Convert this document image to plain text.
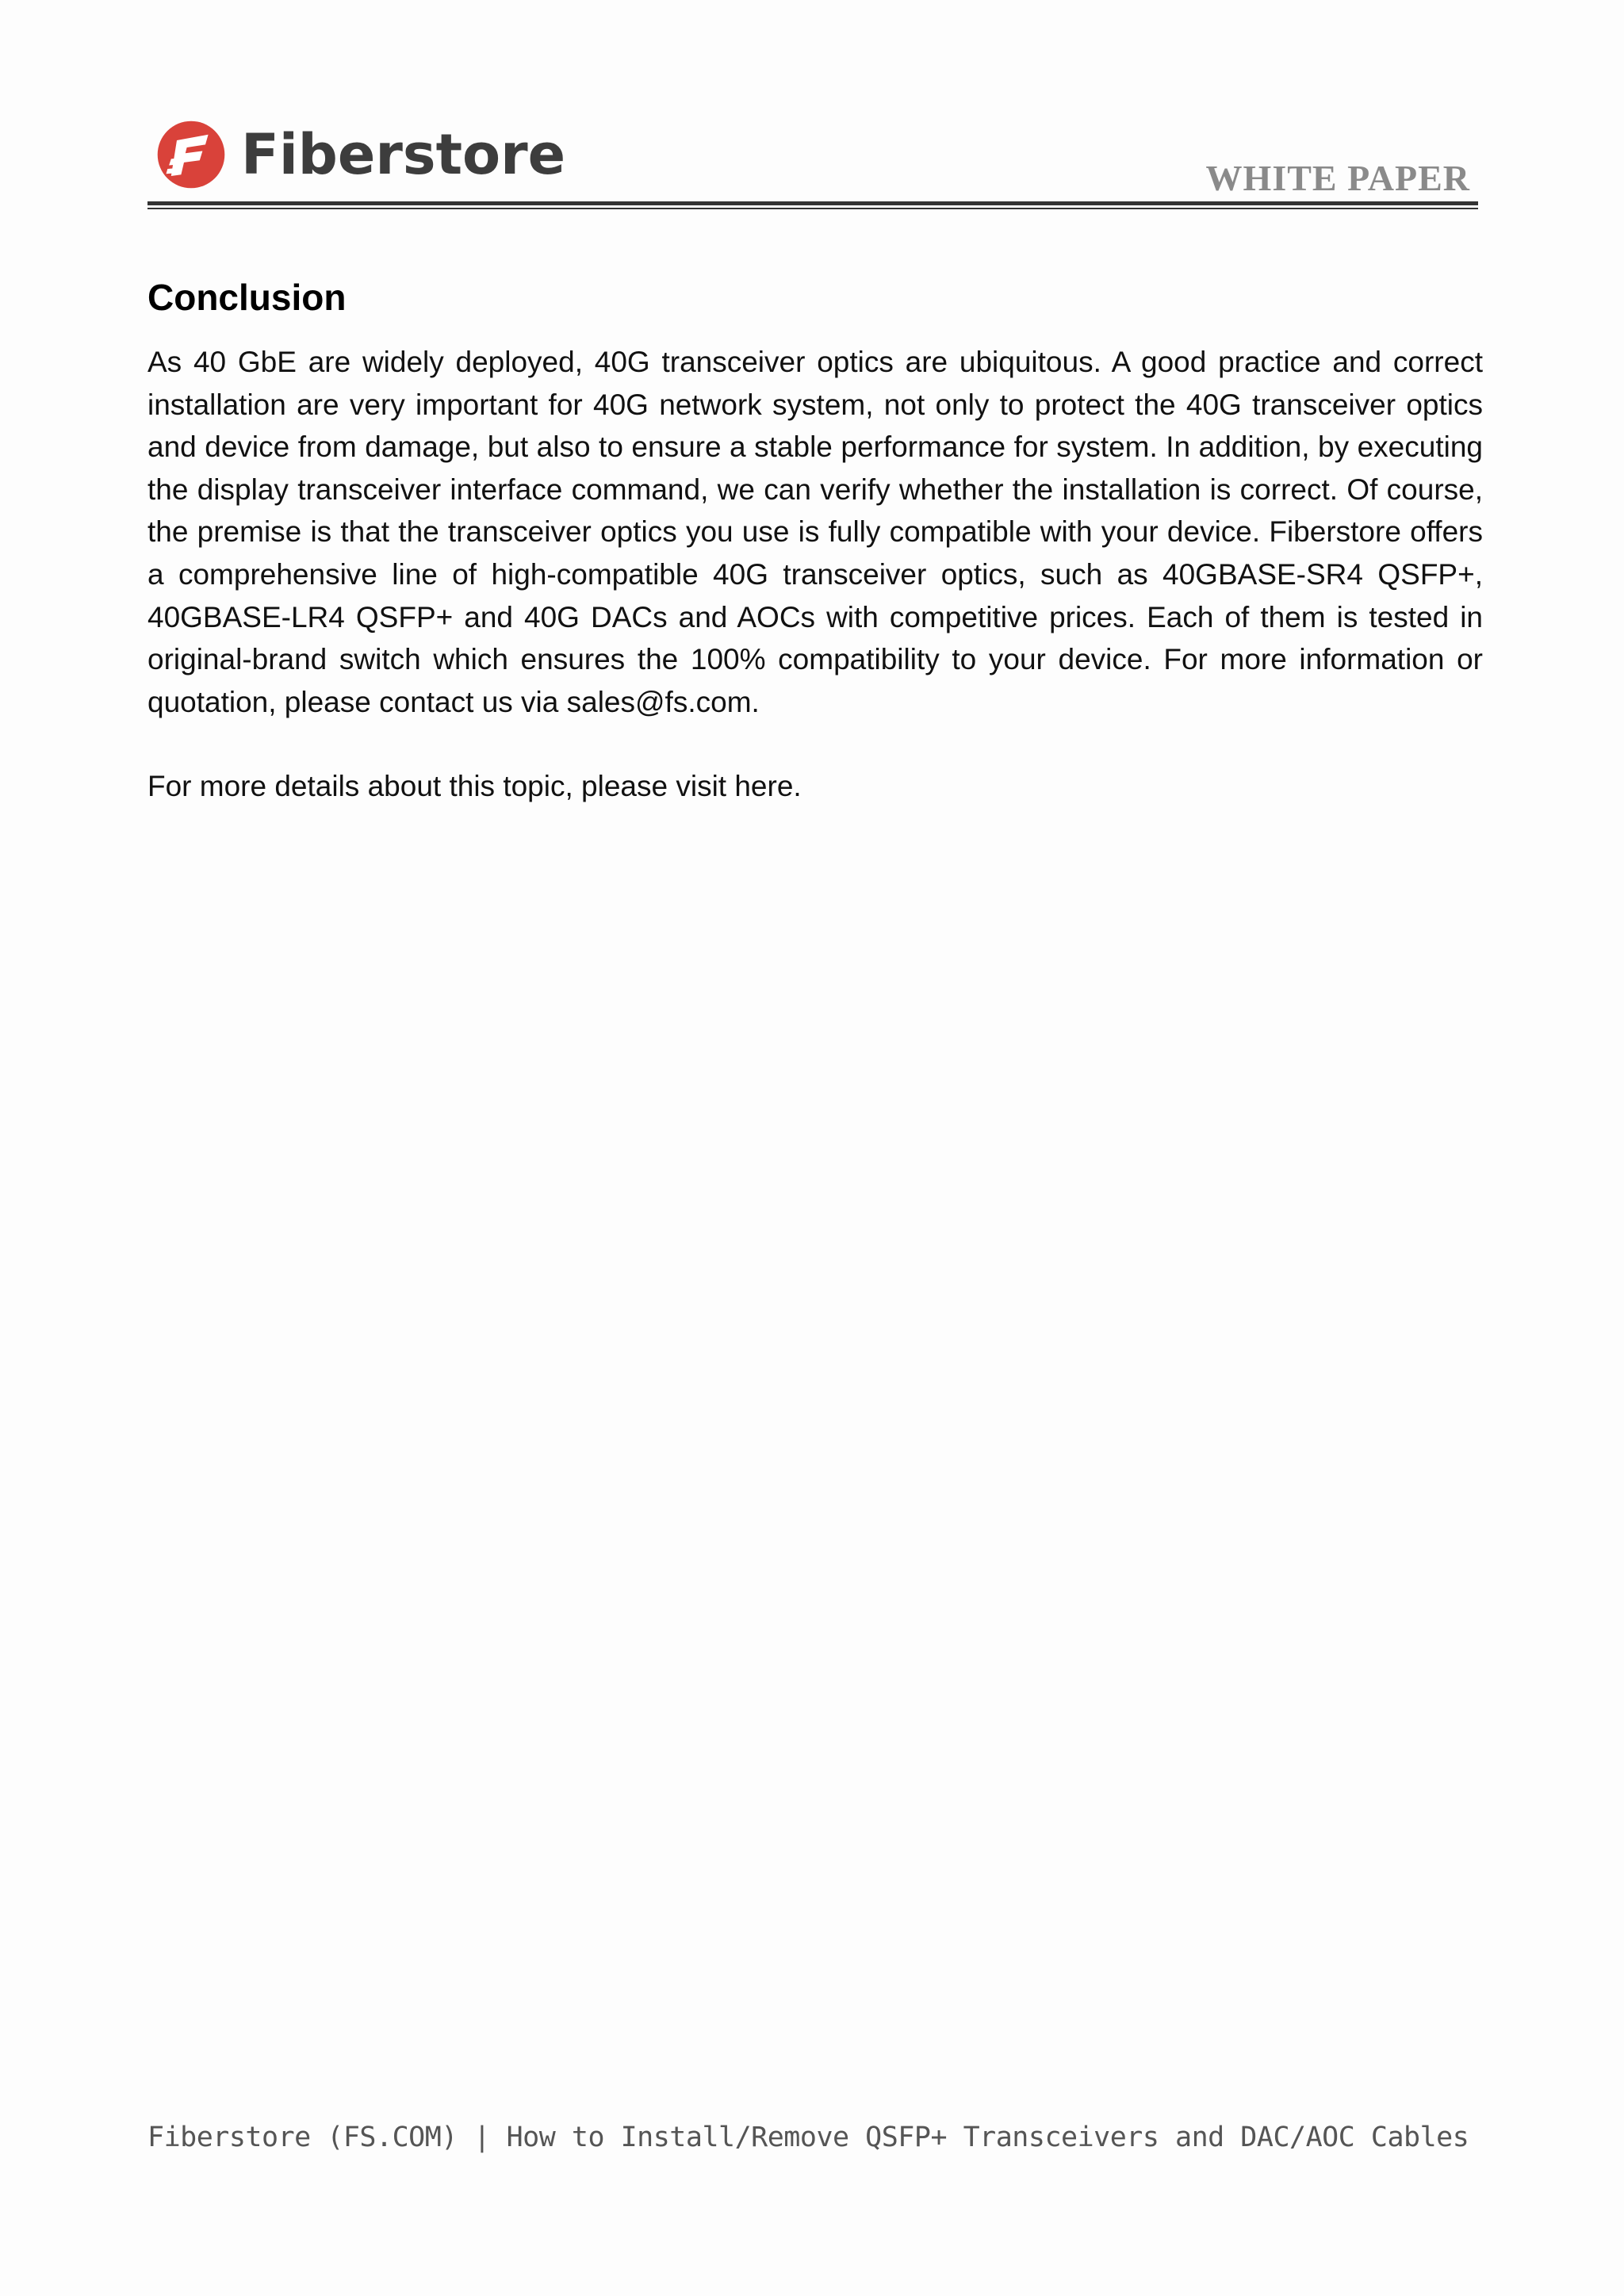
Fiberstore	WHITE PAPER
Conclusion

As 40 GbE are widely deployed, 40G transceiver optics are ubiquitous. A good practice and correct installation are very important for 40G network system, not only to protect the 40G transceiver optics and device from damage, but also to ensure a stable performance for system. In addition, by executing the display transceiver interface command, we can verify whether the installation is correct. Of course, the premise is that the transceiver optics you use is fully compatible with your device. Fiberstore offers a comprehensive line of high-compatible 40G transceiver optics, such as 40GBASE-SR4 QSFP+, 40GBASE-LR4 QSFP+ and 40G DACs and AOCs with competitive prices. Each of them is tested in original-brand switch which ensures the 100% compatibility to your device. For more information or quotation, please contact us via sales@fs.com.

For more details about this topic, please visit here.

Fiberstore (FS.COM) | How to Install/Remove QSFP+ Transceivers and DAC/AOC Cables
